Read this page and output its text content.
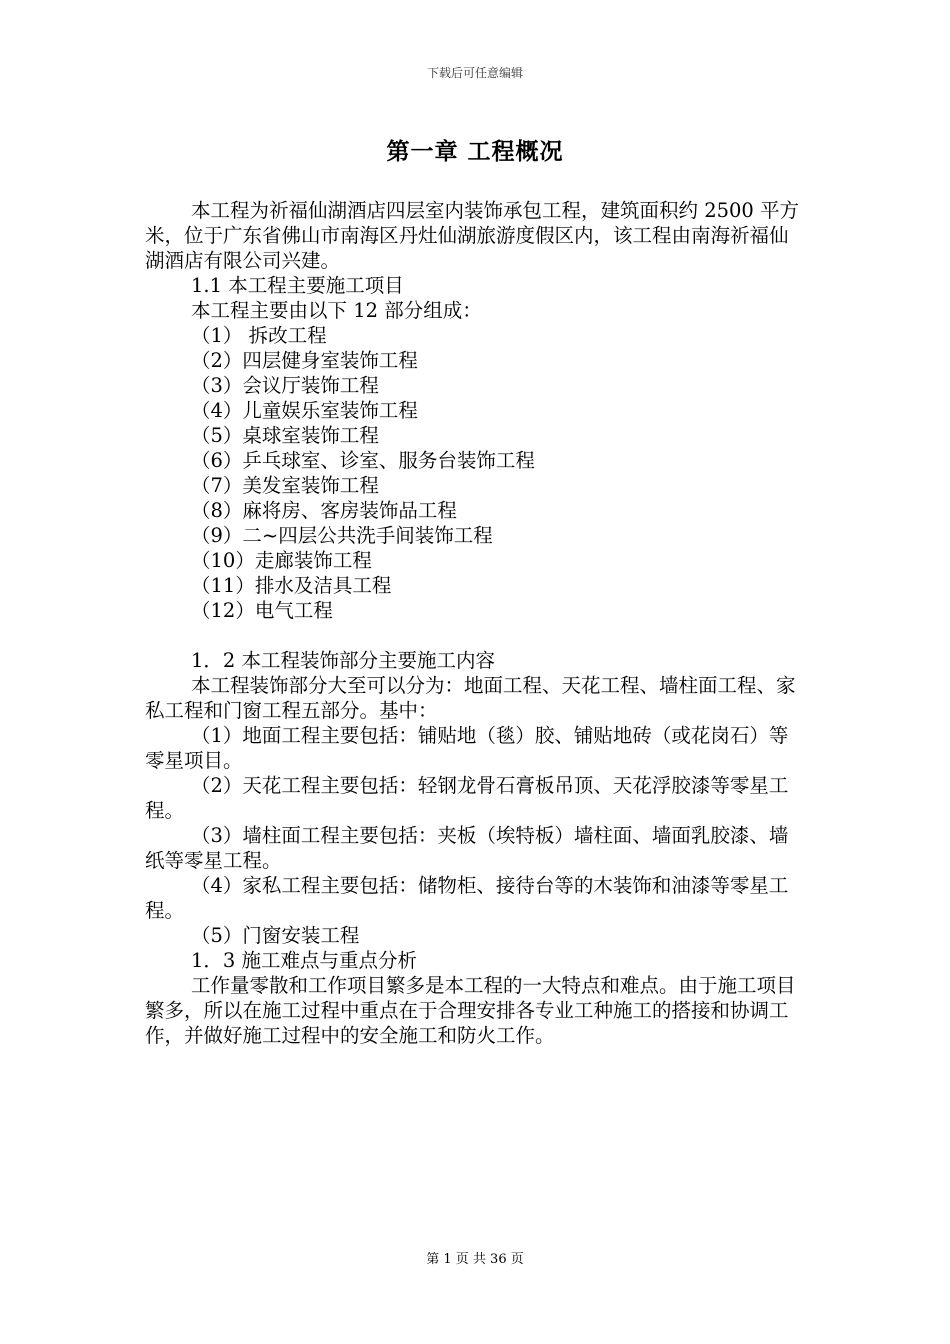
下载后可任意编辑
第一章 工程概况

本工程为祈福仙湖酒店四层室内装饰承包工程，建筑面积约 2500 平方米，位于广东省佛山市南海区丹灶仙湖旅游度假区内，该工程由南海祈福仙湖酒店有限公司兴建。

1.1 本工程主要施工项目

本工程主要由以下 12 部分组成：

（1） 拆改工程

（2）四层健身室装饰工程

（3）会议厅装饰工程

（4）儿童娱乐室装饰工程

（5）桌球室装饰工程

（6）乒乓球室、诊室、服务台装饰工程

（7）美发室装饰工程

（8）麻将房、客房装饰品工程

（9）二~四层公共洗手间装饰工程

（10）走廊装饰工程

（11）排水及洁具工程

（12）电气工程

1．2 本工程装饰部分主要施工内容

本工程装饰部分大至可以分为：地面工程、天花工程、墙柱面工程、家私工程和门窗工程五部分。基中：

（1）地面工程主要包括：铺贴地（毯）胶、铺贴地砖（或花岗石）等零星项目。

（2）天花工程主要包括：轻钢龙骨石膏板吊顶、天花浮胶漆等零星工程。

（3）墙柱面工程主要包括：夹板（埃特板）墙柱面、墙面乳胶漆、墙纸等零星工程。

（4）家私工程主要包括：储物柜、接待台等的木装饰和油漆等零星工程。

（5）门窗安装工程

1．3 施工难点与重点分析

工作量零散和工作项目繁多是本工程的一大特点和难点。由于施工项目繁多，所以在施工过程中重点在于合理安排各专业工种施工的搭接和协调工作，并做好施工过程中的安全施工和防火工作。

第 1 页 共 36 页
